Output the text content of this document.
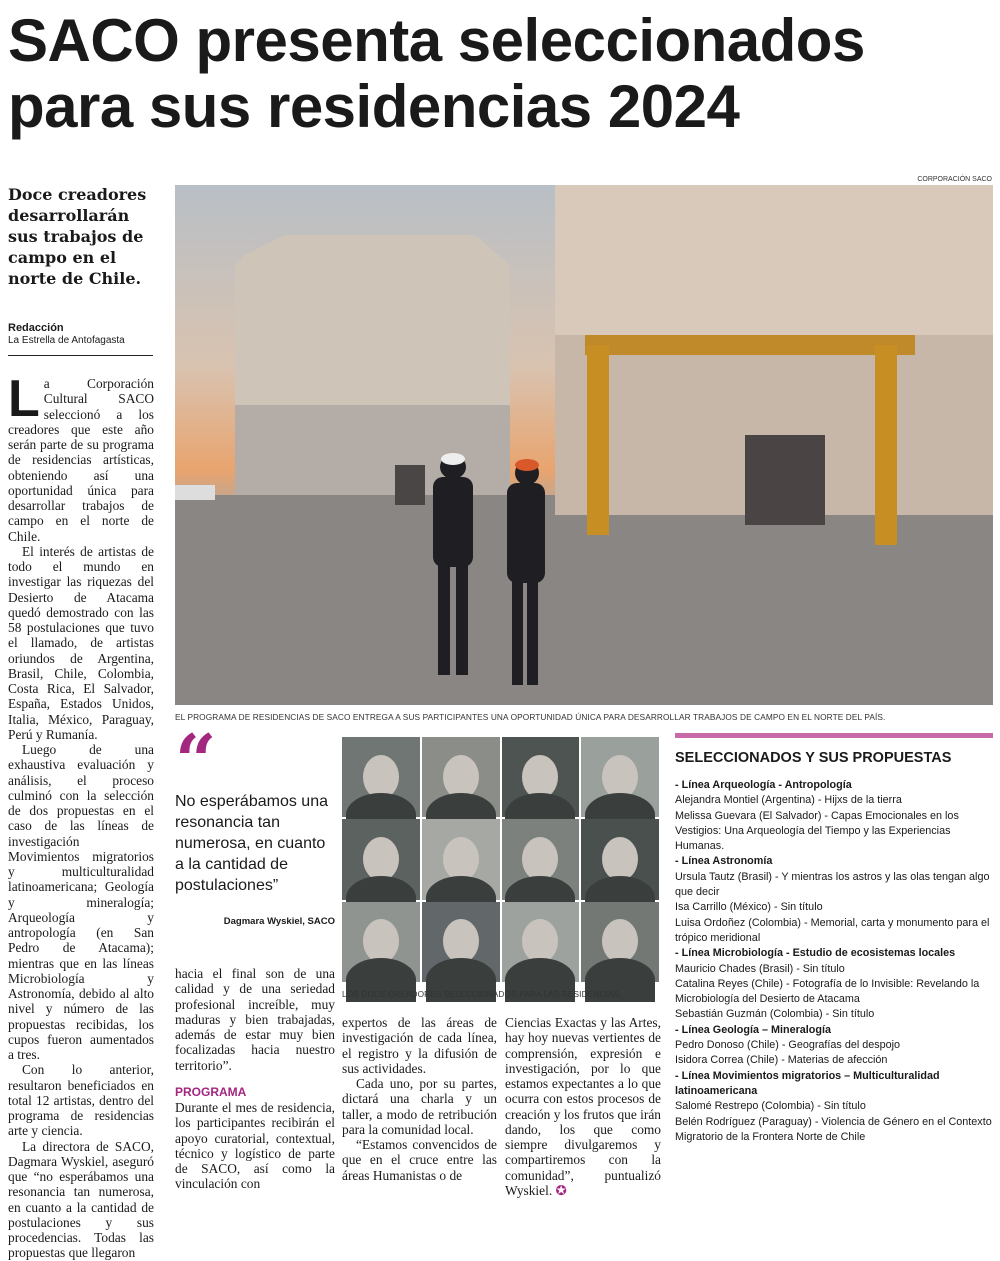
SACO presenta seleccionados para sus residencias 2024
Doce creadores desarrollarán sus trabajos de campo en el norte de Chile.
Redacción
La Estrella de Antofagasta
CORPORACIÓN SACO
EL PROGRAMA DE RESIDENCIAS DE SACO ENTREGA A SUS PARTICIPANTES UNA OPORTUNIDAD ÚNICA PARA DESARROLLAR TRABAJOS DE CAMPO EN EL NORTE DEL PAÍS.

La Corporación Cultural SACO seleccionó a los creadores que este año serán parte de su programa de residencias artísticas, obteniendo así una oportunidad única para desarrollar trabajos de campo en el norte de Chile.

El interés de artistas de todo el mundo en investigar las riquezas del Desierto de Atacama quedó demostrado con las 58 postulaciones que tuvo el llamado, de artistas oriundos de Argentina, Brasil, Chile, Colombia, Costa Rica, El Salvador, España, Estados Unidos, Italia, México, Paraguay, Perú y Rumanía.

Luego de una exhaustiva evaluación y análisis, el proceso culminó con la selección de dos propuestas en el caso de las líneas de investigación Movimientos migratorios y multiculturalidad latinoamericana; Geología y mineralogía; Arqueología y antropología (en San Pedro de Atacama); mientras que en las líneas Microbiología y Astronomía, debido al alto nivel y número de las propuestas recibidas, los cupos fueron aumentados a tres.

Con lo anterior, resultaron beneficiados en total 12 artistas, dentro del programa de residencias arte y ciencia.

La directora de SACO, Dagmara Wyskiel, aseguró que “no esperábamos una resonancia tan numerosa, en cuanto a la cantidad de postulaciones y sus procedencias. Todas las propuestas que llegaron

“
No esperábamos una resonancia tan numerosa, en cuanto a la cantidad de postulaciones”
Dagmara Wyskiel, SACO

hacia el final son de una calidad y de una seriedad profesional increíble, muy maduras y bien trabajadas, además de estar muy bien focalizadas hacia nuestro territorio”.

PROGRAMA

Durante el mes de residencia, los participantes recibirán el apoyo curatorial, contextual, técnico y logístico de parte de SACO, así como la vinculación con

LOS DOCE CREADORES SELECCIONADOS PARA LAS RESIDENCIAS.

expertos de las áreas de investigación de cada línea, el registro y la difusión de sus actividades.

Cada uno, por su partes, dictará una charla y un taller, a modo de retribución para la comunidad local.

“Estamos convencidos de que en el cruce entre las áreas Humanistas o de

Ciencias Exactas y las Artes, hay hoy nuevas vertientes de comprensión, expresión e investigación, por lo que estamos expectantes a lo que ocurra con estos procesos de creación y los frutos que irán dando, los que como siempre divulgaremos y compartiremos con la comunidad”, puntualizó Wyskiel. ✪

SELECCIONADOS Y SUS PROPUESTAS
- Línea Arqueología - Antropología
Alejandra Montiel (Argentina) - Hijxs de la tierra
Melissa Guevara (El Salvador) - Capas Emocionales en los Vestigios: Una Arqueología del Tiempo y las Experiencias Humanas.
- Línea Astronomía
Ursula Tautz (Brasil) - Y mientras los astros y las olas tengan algo que decir
Isa Carrillo (México) - Sin título
Luisa Ordoñez (Colombia) - Memorial, carta y monumento para el trópico meridional
- Línea Microbiología - Estudio de ecosistemas locales
Mauricio Chades (Brasil) - Sin título
Catalina Reyes (Chile) - Fotografía de lo Invisible: Revelando la Microbiología del Desierto de Atacama
Sebastián Guzmán (Colombia) - Sin título
- Línea Geología – Mineralogía
Pedro Donoso (Chile) - Geografías del despojo
Isidora Correa (Chile) - Materias de afección
- Línea Movimientos migratorios – Multiculturalidad latinoamericana
Salomé Restrepo (Colombia) - Sin título
Belén Rodríguez (Paraguay) - Violencia de Género en el Contexto Migratorio de la Frontera Norte de Chile
